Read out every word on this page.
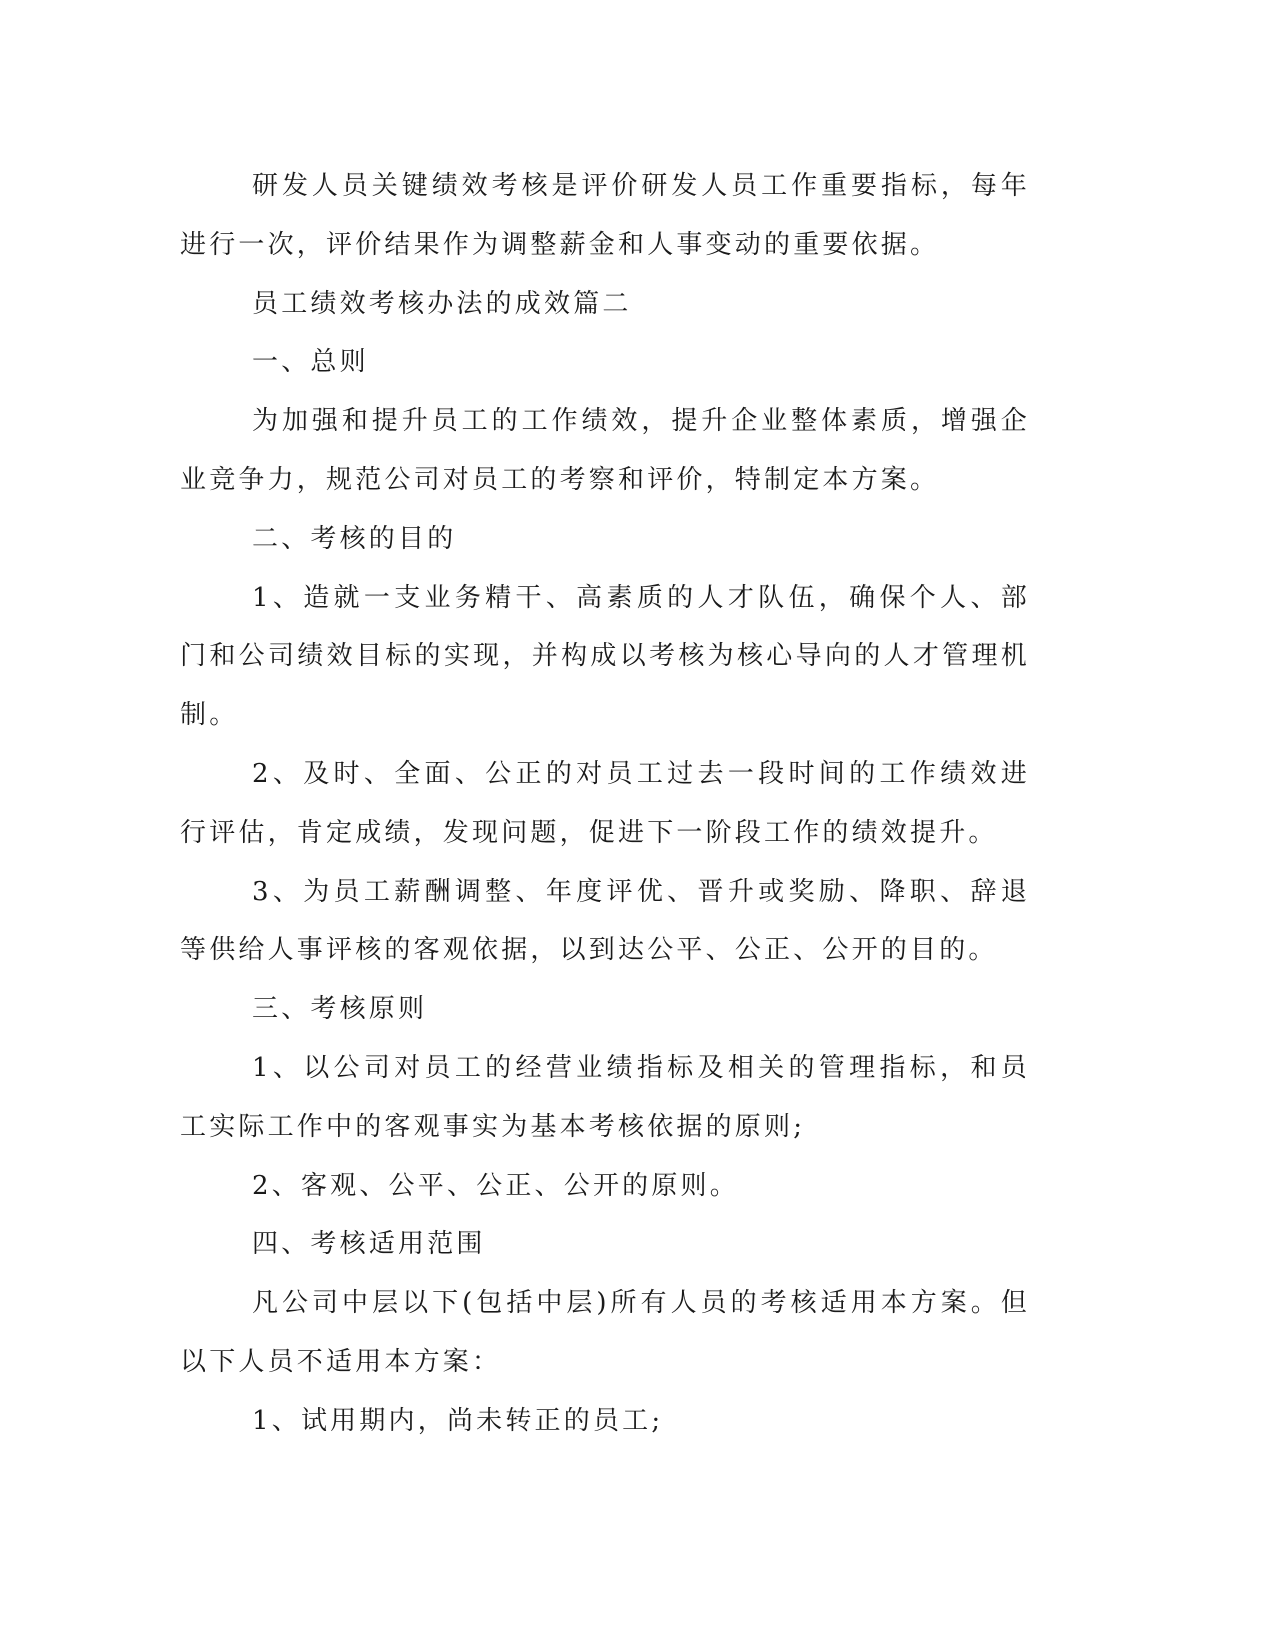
研发人员关键绩效考核是评价研发人员工作重要指标，每年进行一次，评价结果作为调整薪金和人事变动的重要依据。

员工绩效考核办法的成效篇二

一、总则

为加强和提升员工的工作绩效，提升企业整体素质，增强企业竞争力，规范公司对员工的考察和评价，特制定本方案。

二、考核的目的

1、造就一支业务精干、高素质的人才队伍，确保个人、部门和公司绩效目标的实现，并构成以考核为核心导向的人才管理机制。

2、及时、全面、公正的对员工过去一段时间的工作绩效进行评估，肯定成绩，发现问题，促进下一阶段工作的绩效提升。

3、为员工薪酬调整、年度评优、晋升或奖励、降职、辞退等供给人事评核的客观依据，以到达公平、公正、公开的目的。

三、考核原则

1、以公司对员工的经营业绩指标及相关的管理指标，和员工实际工作中的客观事实为基本考核依据的原则;

2、客观、公平、公正、公开的原则。

四、考核适用范围

凡公司中层以下(包括中层)所有人员的考核适用本方案。但以下人员不适用本方案：

1、试用期内，尚未转正的员工;
